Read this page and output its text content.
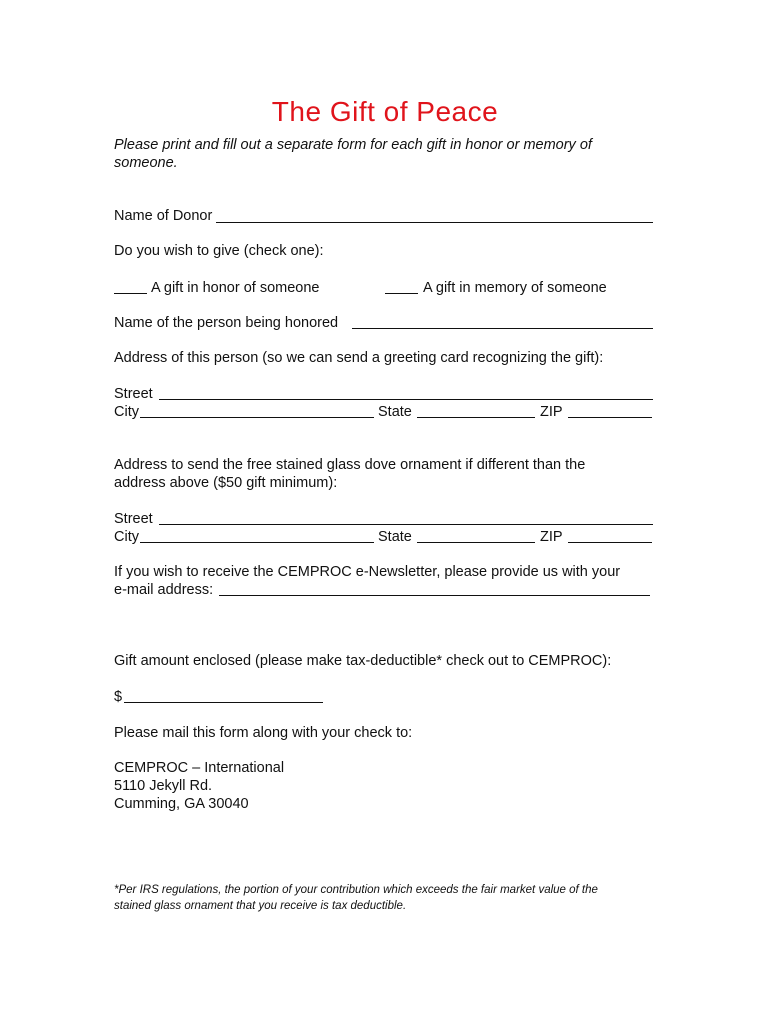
The Gift of Peace
Please print and fill out a separate form for each gift in honor or memory of
someone.
Name of Donor
Do you wish to give (check one):
A gift in honor of someone	A gift in memory of someone
Name of the person being honored
Address of this person (so we can send a greeting card recognizing the gift):
Street
City	State	ZIP
Address to send the free stained glass dove ornament if different than the
address above ($50 gift minimum):
Street
City	State	ZIP
If you wish to receive the CEMPROC e-Newsletter, please provide us with your
e-mail address:
Gift amount enclosed (please make tax-deductible* check out to CEMPROC):
$
Please mail this form along with your check to:
CEMPROC – International
5110 Jekyll Rd.
Cumming, GA 30040
*Per IRS regulations, the portion of your contribution which exceeds the fair market value of the
stained glass ornament that you receive is tax deductible.
